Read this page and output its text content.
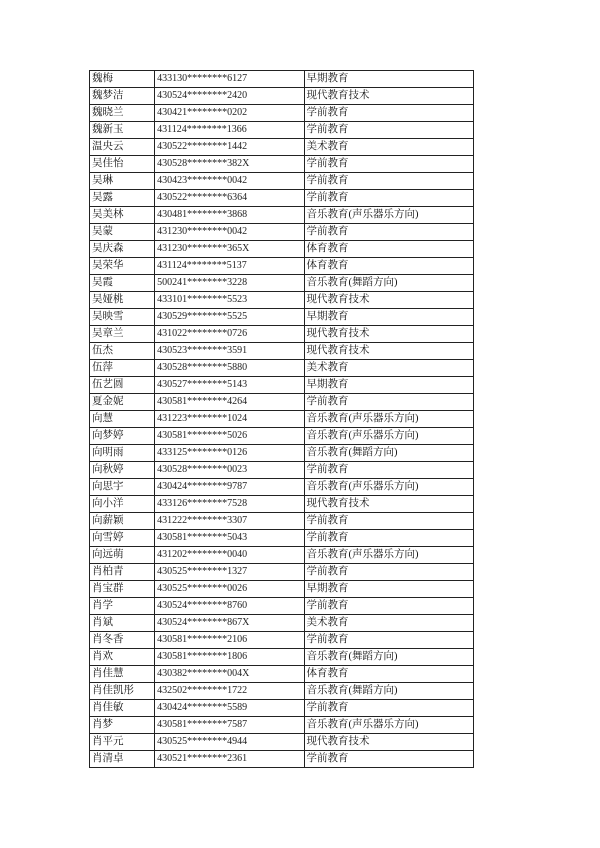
魏梅	433130********6127	早期教育
魏梦洁	430524********2420	现代教育技术
魏晓兰	430421********0202	学前教育
魏新玉	431124********1366	学前教育
温央云	430522********1442	美术教育
吴佳怡	430528********382X	学前教育
吴琳	430423********0042	学前教育
吴露	430522********6364	学前教育
吴美林	430481********3868	音乐教育(声乐器乐方向)
吴蒙	431230********0042	学前教育
吴庆森	431230********365X	体育教育
吴荣华	431124********5137	体育教育
吴霞	500241********3228	音乐教育(舞蹈方向)
吴娅桃	433101********5523	现代教育技术
吴映雪	430529********5525	早期教育
吴章兰	431022********0726	现代教育技术
伍杰	430523********3591	现代教育技术
伍萍	430528********5880	美术教育
伍艺圆	430527********5143	早期教育
夏金妮	430581********4264	学前教育
向慧	431223********1024	音乐教育(声乐器乐方向)
向梦婷	430581********5026	音乐教育(声乐器乐方向)
向明雨	433125********0126	音乐教育(舞蹈方向)
向秋婷	430528********0023	学前教育
向思宇	430424********9787	音乐教育(声乐器乐方向)
向小洋	433126********7528	现代教育技术
向薪颖	431222********3307	学前教育
向雪婷	430581********5043	学前教育
向远萌	431202********0040	音乐教育(声乐器乐方向)
肖柏青	430525********1327	学前教育
肖宝群	430525********0026	早期教育
肖学	430524********8760	学前教育
肖斌	430524********867X	美术教育
肖冬香	430581********2106	学前教育
肖欢	430581********1806	音乐教育(舞蹈方向)
肖佳慧	430382********004X	体育教育
肖佳凯彤	432502********1722	音乐教育(舞蹈方向)
肖佳敏	430424********5589	学前教育
肖梦	430581********7587	音乐教育(声乐器乐方向)
肖平元	430525********4944	现代教育技术
肖清卓	430521********2361	学前教育
